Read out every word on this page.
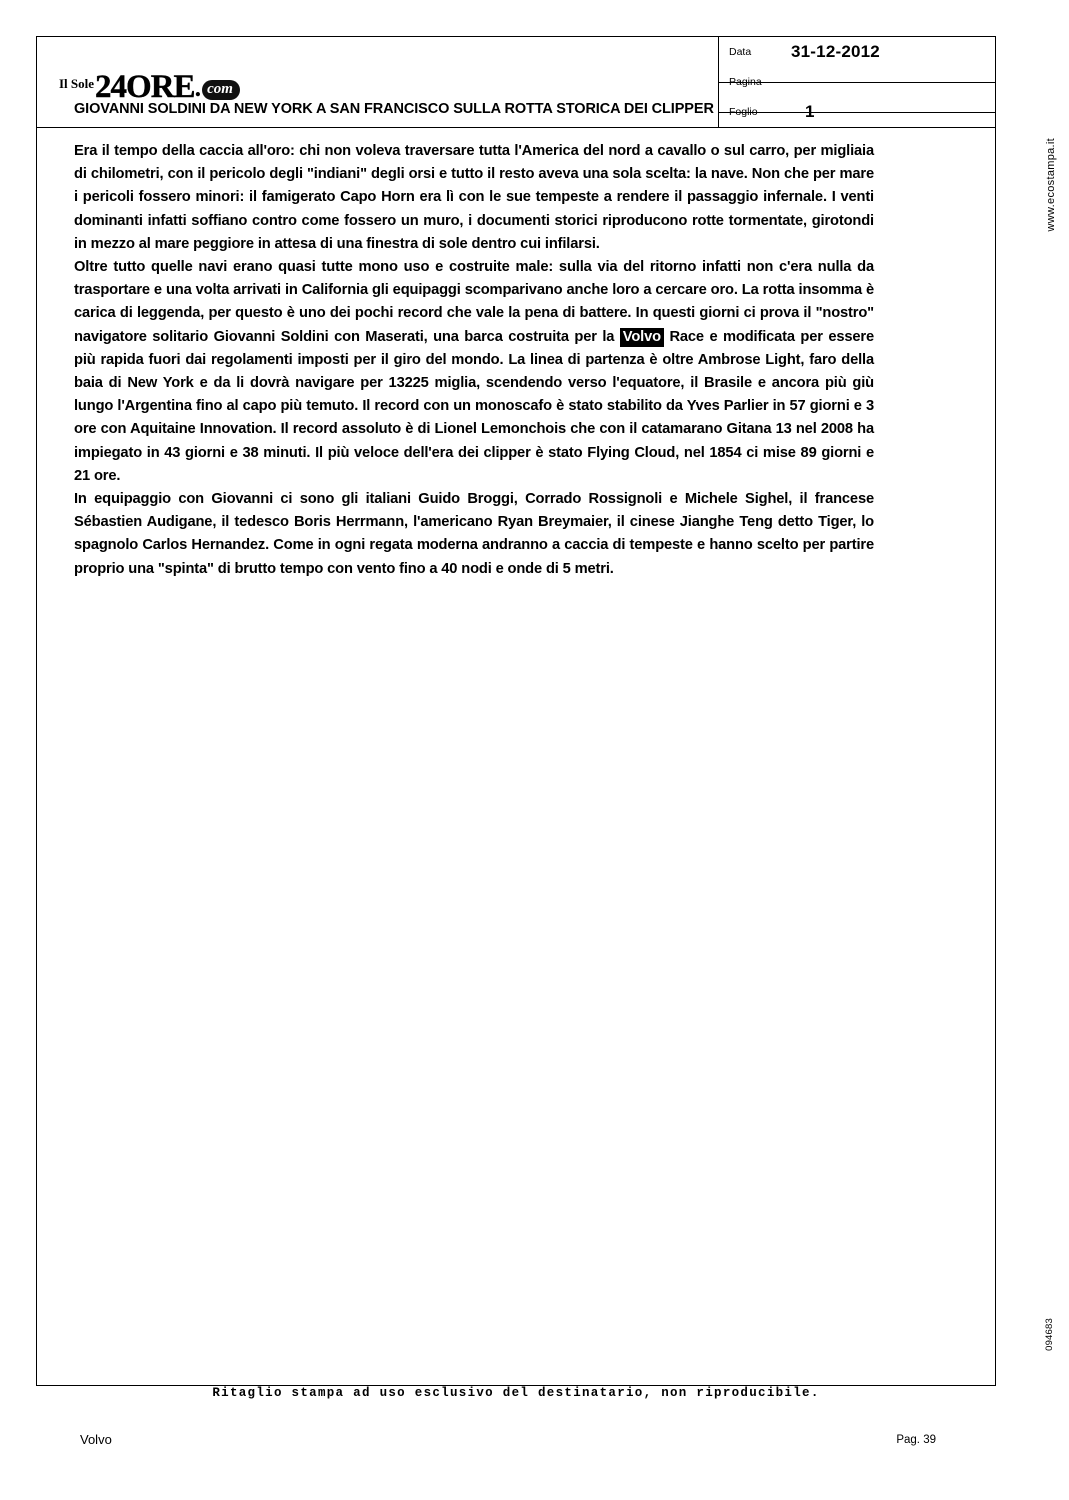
Il Sole 24ORE . com
Data	31-12-2012
Pagina
Foglio	1
GIOVANNI SOLDINI DA NEW YORK A SAN FRANCISCO SULLA ROTTA STORICA DEI CLIPPER

Era il tempo della caccia all'oro: chi non voleva traversare tutta l'America del nord a cavallo o sul carro, per migliaia di chilometri, con il pericolo degli "indiani" degli orsi e tutto il resto aveva una sola scelta: la nave. Non che per mare i pericoli fossero minori: il famigerato Capo Horn era lì con le sue tempeste a rendere il passaggio infernale. I venti dominanti infatti soffiano contro come fossero un muro, i documenti storici riproducono rotte tormentate, girotondi in mezzo al mare peggiore in attesa di una finestra di sole dentro cui infilarsi.

Oltre tutto quelle navi erano quasi tutte mono uso e costruite male: sulla via del ritorno infatti non c'era nulla da trasportare e una volta arrivati in California gli equipaggi scomparivano anche loro a cercare oro. La rotta insomma è carica di leggenda, per questo è uno dei pochi record che vale la pena di battere. In questi giorni ci prova il "nostro" navigatore solitario Giovanni Soldini con Maserati, una barca costruita per la Volvo Race e modificata per essere più rapida fuori dai regolamenti imposti per il giro del mondo. La linea di partenza è oltre Ambrose Light, faro della baia di New York e da li dovrà navigare per 13225 miglia, scendendo verso l'equatore, il Brasile e ancora più giù lungo l'Argentina fino al capo più temuto. Il record con un monoscafo è stato stabilito da Yves Parlier in 57 giorni e 3 ore con Aquitaine Innovation. Il record assoluto è di Lionel Lemonchois che con il catamarano Gitana 13 nel 2008 ha impiegato in 43 giorni e 38 minuti. Il più veloce dell'era dei clipper è stato Flying Cloud, nel 1854 ci mise 89 giorni e 21 ore.

In equipaggio con Giovanni ci sono gli italiani Guido Broggi, Corrado Rossignoli e Michele Sighel, il francese Sébastien Audigane, il tedesco Boris Herrmann, l'americano Ryan Breymaier, il cinese Jianghe Teng detto Tiger, lo spagnolo Carlos Hernandez. Come in ogni regata moderna andranno a caccia di tempeste e hanno scelto per partire proprio una "spinta" di brutto tempo con vento fino a 40 nodi e onde di 5 metri.

www.ecostampa.it
094683
Ritaglio stampa ad uso esclusivo del destinatario, non riproducibile.
Volvo	Pag. 39
